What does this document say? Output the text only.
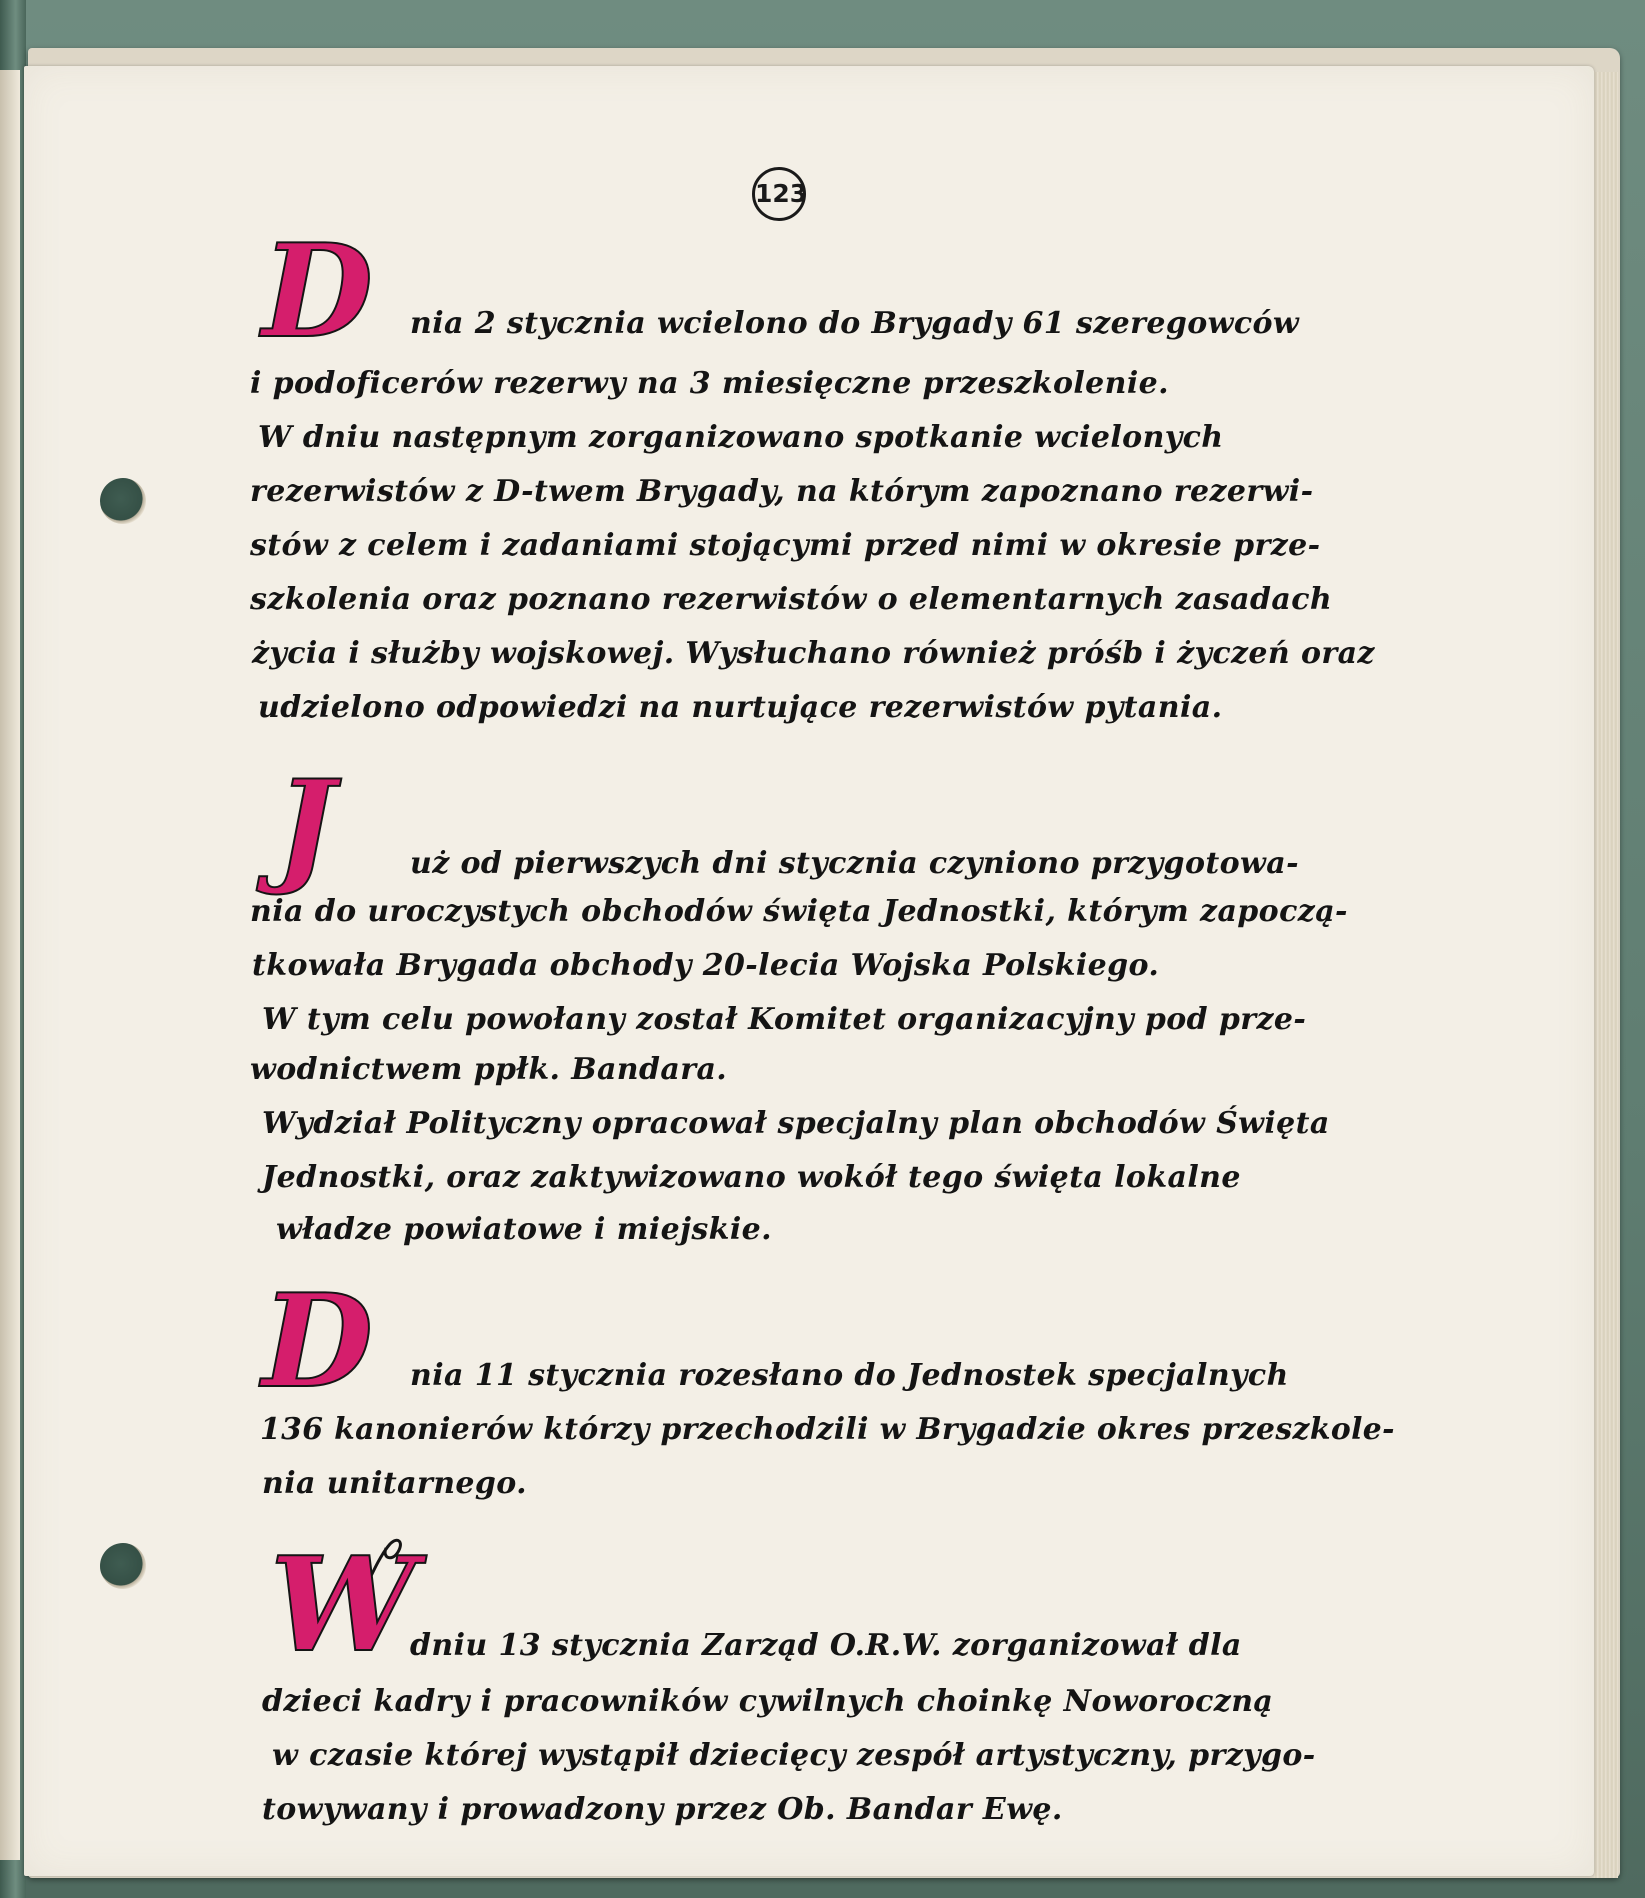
123
D nia 2 stycznia wcielono do Brygady 61 szeregowców
i podoficerów rezerwy na 3 miesięczne przeszkolenie.
W dniu następnym zorganizowano spotkanie wcielonych
rezerwistów z D-twem Brygady, na którym zapoznano rezerwi-
stów z celem i zadaniami stojącymi przed nimi w okresie prze-
szkolenia oraz poznano rezerwistów o elementarnych zasadach
życia i służby wojskowej. Wysłuchano również próśb i życzeń oraz
udzielono odpowiedzi na nurtujące rezerwistów pytania.
J	uż od pierwszych dni stycznia czyniono przygotowa-
nia do uroczystych obchodów święta Jednostki, którym zapoczą-
tkowała Brygada obchody 20-lecia Wojska Polskiego.
W tym celu powołany został Komitet organizacyjny pod prze-
wodnictwem ppłk. Bandara.
Wydział Polityczny opracował specjalny plan obchodów Święta
Jednostki, oraz zaktywizowano wokół tego święta lokalne
władze powiatowe i miejskie.
D nia 11 stycznia rozesłano do Jednostek specjalnych
136 kanonierów którzy przechodzili w Brygadzie okres przeszkole-
nia unitarnego.
W
dniu 13 stycznia Zarząd O.R.W. zorganizował dla
dzieci kadry i pracowników cywilnych choinkę Noworoczną
w czasie której wystąpił dziecięcy zespół artystyczny, przygo-
towywany i prowadzony przez Ob. Bandar Ewę.
